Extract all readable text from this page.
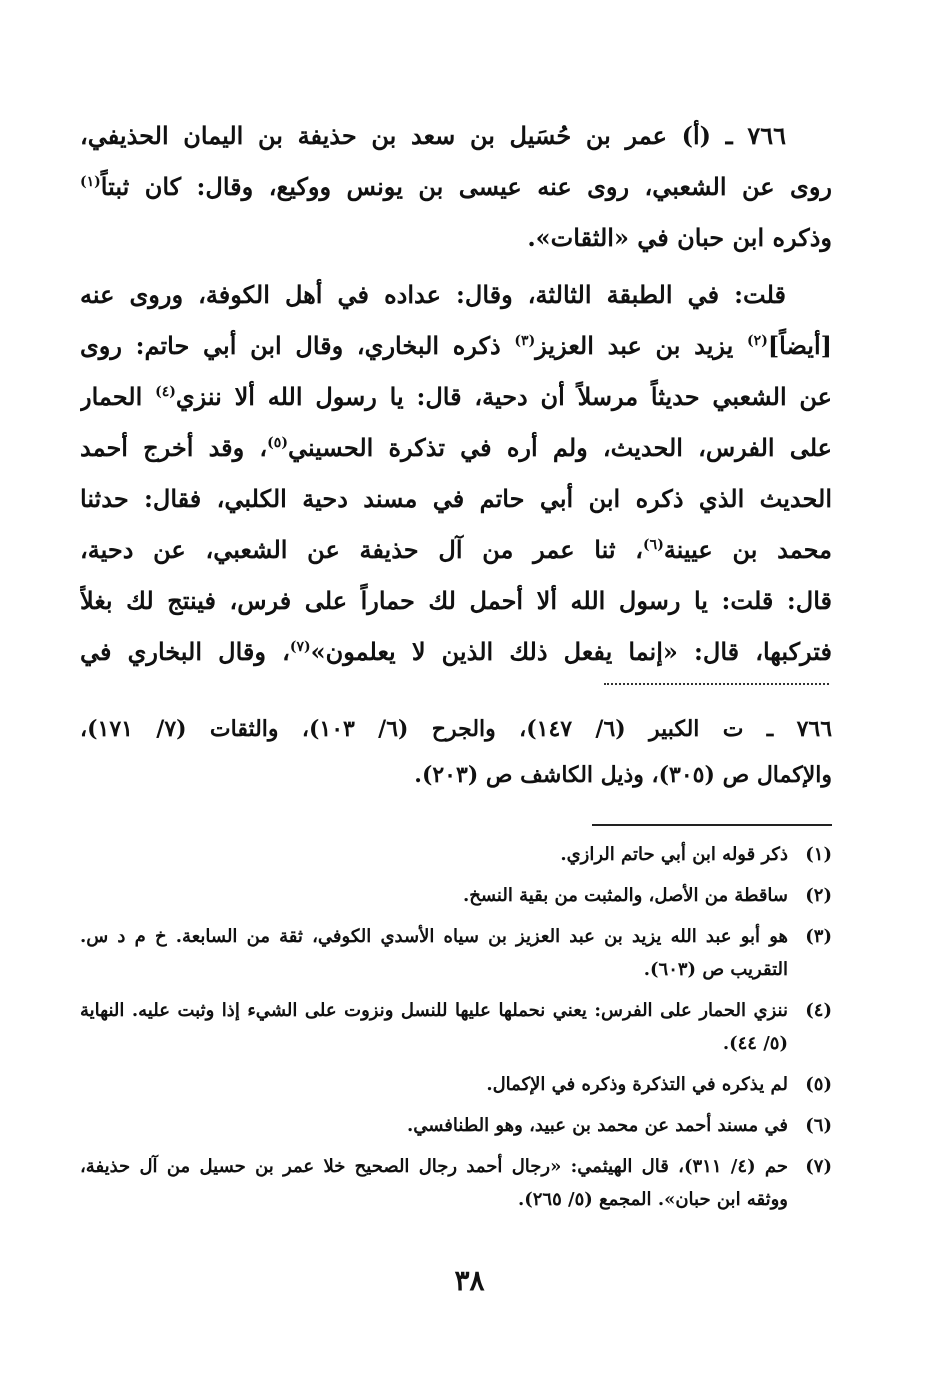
٧٦٦ ـ (أ) عمر بن حُسَيل بن سعد بن حذيفة بن اليمان الحذيفي،
روى عن الشعبي، روى عنه عيسى بن يونس ووكيع، وقال: كان ثبتاً$^{(١)}$
وذكره ابن حبان في «الثقات».
قلت: في الطبقة الثالثة، وقال: عداده في أهل الكوفة، وروى عنه
[أيضاً]$^{(٢)}$ يزيد بن عبد العزيز$^{(٣)}$ ذكره البخاري، وقال ابن أبي حاتم: روى
عن الشعبي حديثاً مرسلاً أن دحية، قال: يا رسول الله ألا ننزي$^{(٤)}$ الحمار
على الفرس، الحديث، ولم أره في تذكرة الحسيني$^{(٥)}$، وقد أخرج أحمد
الحديث الذي ذكره ابن أبي حاتم في مسند دحية الكلبي، فقال: حدثنا
محمد بن عيينة$^{(٦)}$، ثنا عمر من آل حذيفة عن الشعبي، عن دحية،
قال: قلت: يا رسول الله ألا أحمل لك حماراً على فرس، فينتج لك بغلاً
فتركبها، قال: «إنما يفعل ذلك الذين لا يعلمون»$^{(٧)}$، وقال البخاري في
٧٦٦ ـ ت الكبير (٦/ ١٤٧)، والجرح (٦/ ١٠٣)، والثقات (٧/ ١٧١)،
والإكمال ص (٣٠٥)، وذيل الكاشف ص (٢٠٣).
(١)
ذكر قوله ابن أبي حاتم الرازي.
(٢)
ساقطة من الأصل، والمثبت من بقية النسخ.
(٣)
هو أبو عبد الله يزيد بن عبد العزيز بن سياه الأسدي الكوفي، ثقة من السابعة. خ م د س. التقريب ص (٦٠٣).
(٤)
ننزي الحمار على الفرس: يعني نحملها عليها للنسل ونزوت على الشيء إذا وثبت عليه. النهاية (٥/ ٤٤).
(٥)
لم يذكره في التذكرة وذكره في الإكمال.
(٦)
في مسند أحمد عن محمد بن عبيد، وهو الطنافسي.
(٧)
حم (٤/ ٣١١)، قال الهيثمي: «رجال أحمد رجال الصحيح خلا عمر بن حسيل من آل حذيفة، ووثقه ابن حبان». المجمع (٥/ ٢٦٥).
٣٨
